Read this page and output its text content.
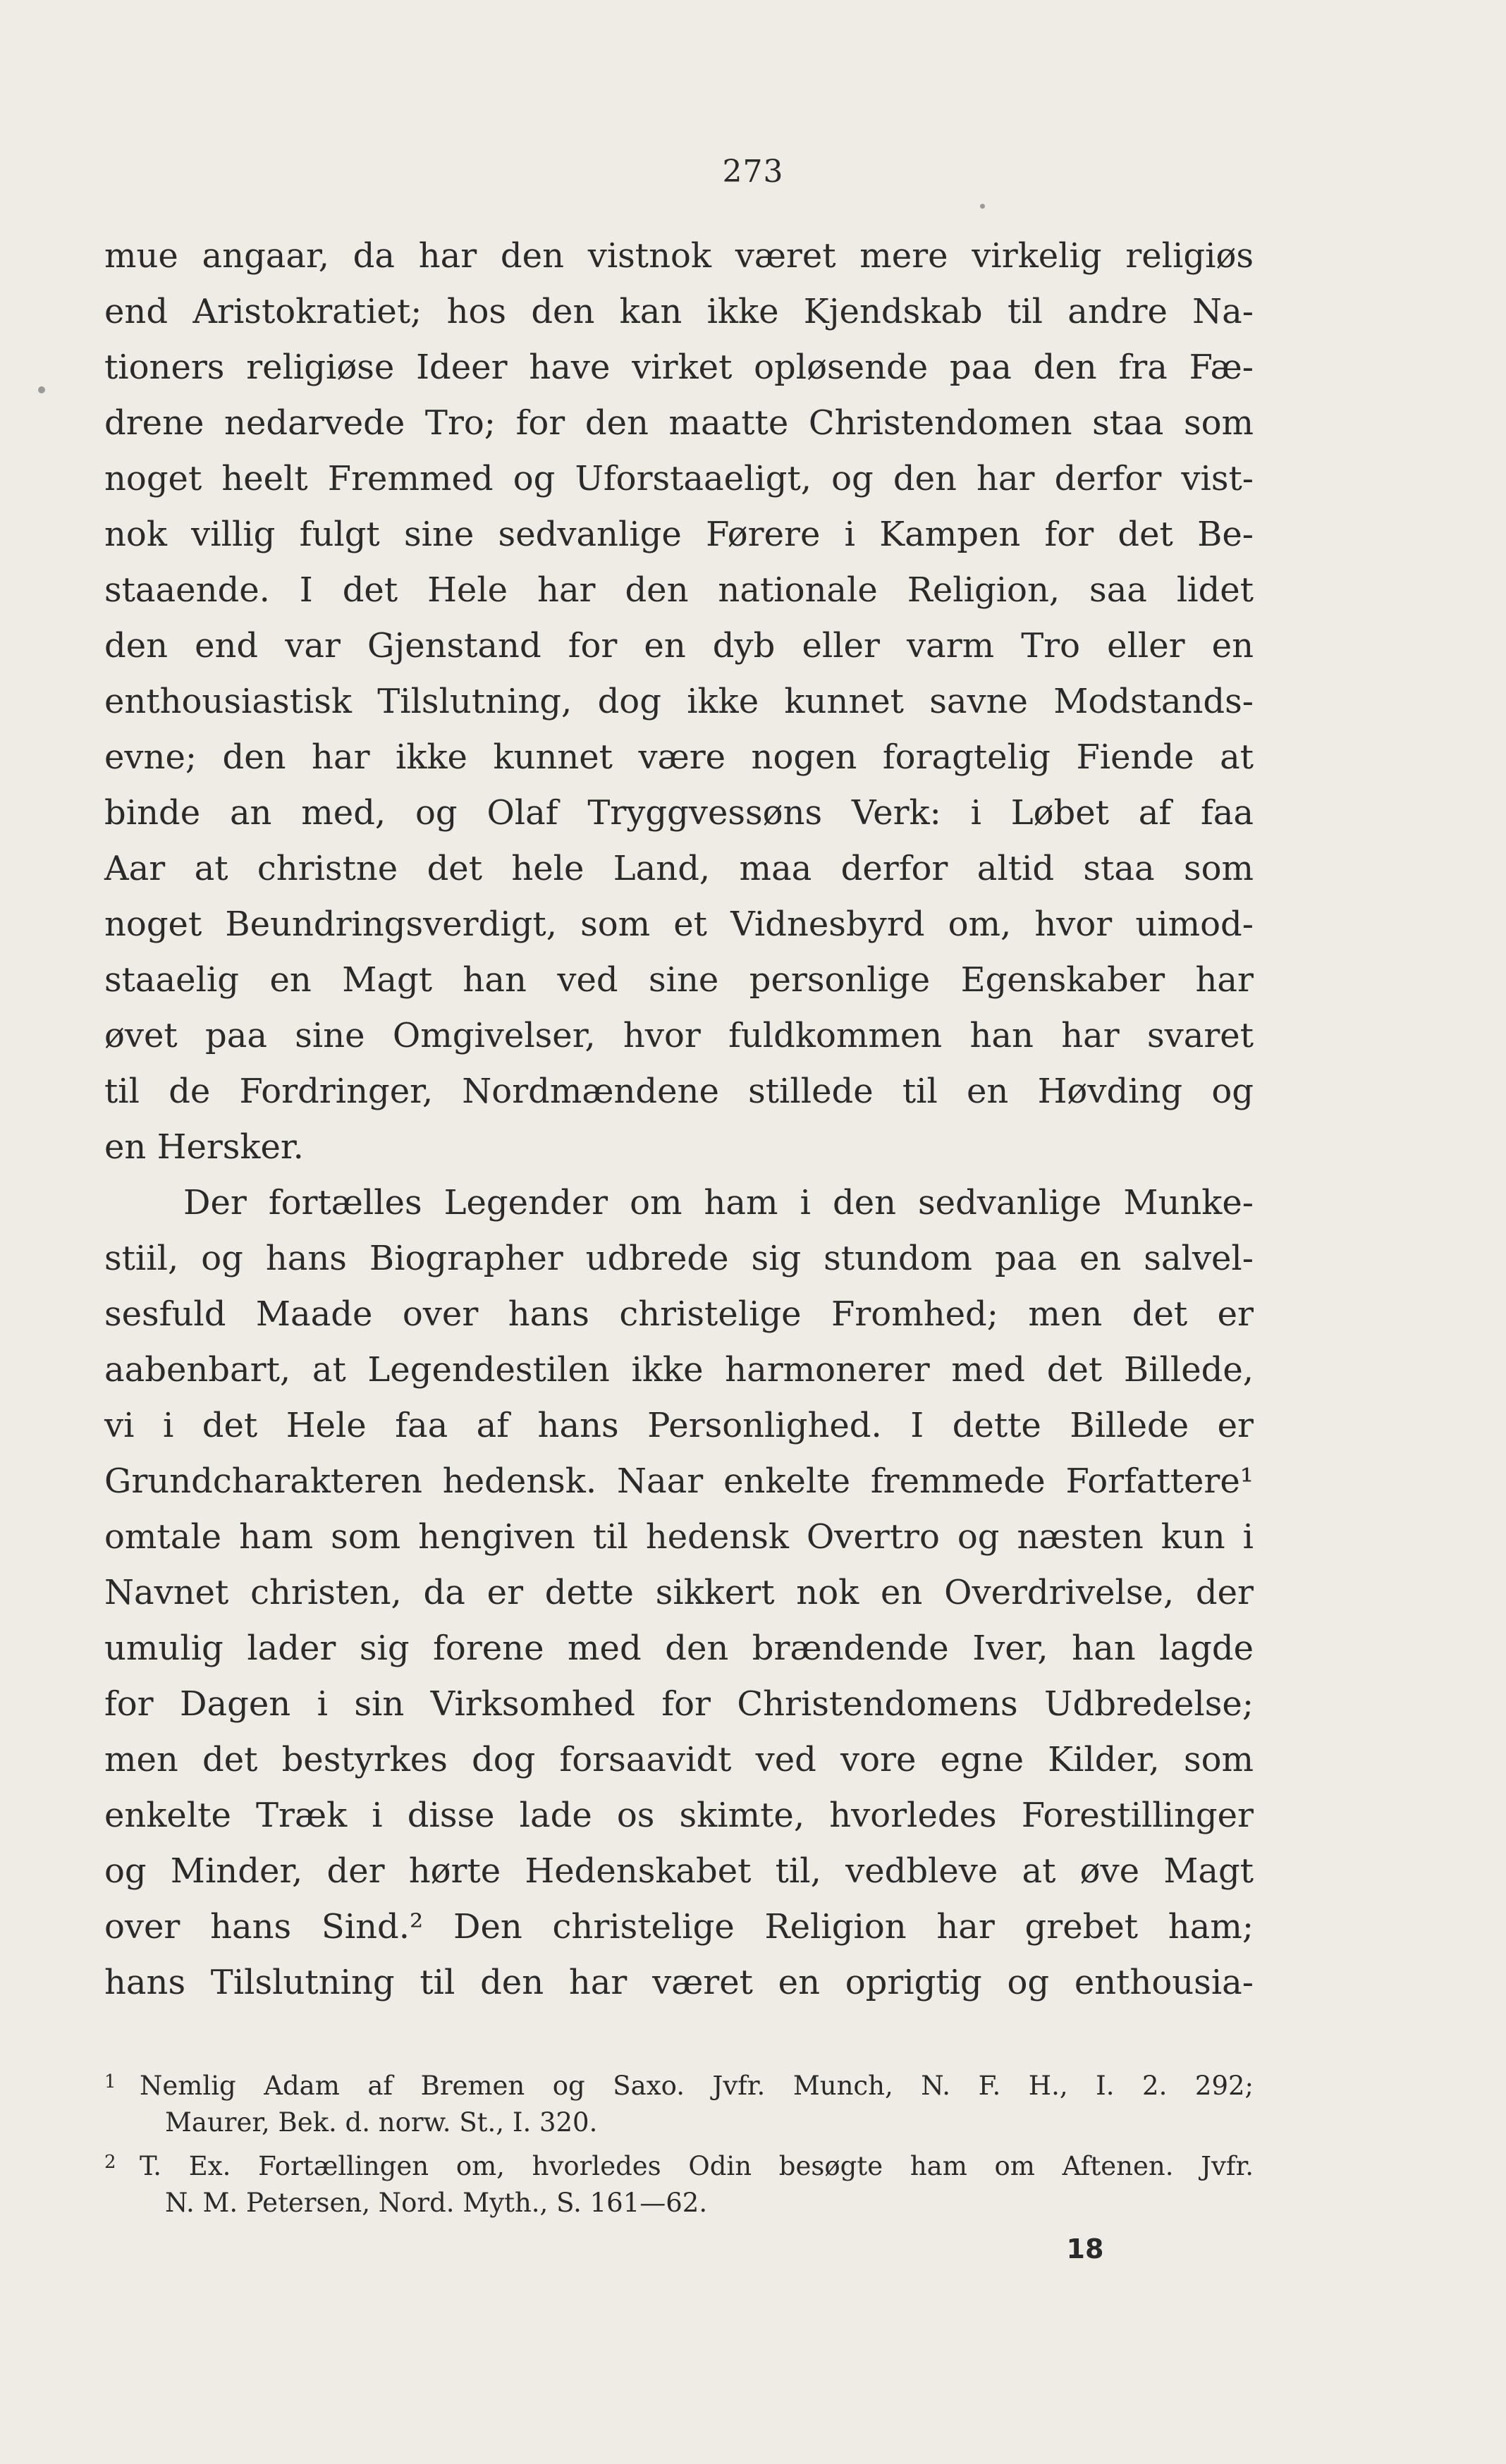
273
mue angaar, da har den vistnok været mere virkelig religiøs
end Aristokratiet; hos den kan ikke Kjendskab til andre Na-
tioners religiøse Ideer have virket opløsende paa den fra Fæ-
drene nedarvede Tro; for den maatte Christendomen staa som
noget heelt Fremmed og Uforstaaeligt, og den har derfor vist-
nok villig fulgt sine sedvanlige Førere i Kampen for det Be-
staaende. I det Hele har den nationale Religion, saa lidet
den end var Gjenstand for en dyb eller varm Tro eller en
enthousiastisk Tilslutning, dog ikke kunnet savne Modstands-
evne; den har ikke kunnet være nogen foragtelig Fiende at
binde an med, og Olaf Tryggvessøns Verk: i Løbet af faa
Aar at christne det hele Land, maa derfor altid staa som
noget Beundringsverdigt, som et Vidnesbyrd om, hvor uimod-
staaelig en Magt han ved sine personlige Egenskaber har
øvet paa sine Omgivelser, hvor fuldkommen han har svaret
til de Fordringer, Nordmændene stillede til en Høvding og
en Hersker.
Der fortælles Legender om ham i den sedvanlige Munke-
stiil, og hans Biographer udbrede sig stundom paa en salvel-
sesfuld Maade over hans christelige Fromhed; men det er
aabenbart, at Legendestilen ikke harmonerer med det Billede,
vi i det Hele faa af hans Personlighed. I dette Billede er
Grundcharakteren hedensk. Naar enkelte fremmede Forfattere¹
omtale ham som hengiven til hedensk Overtro og næsten kun i
Navnet christen, da er dette sikkert nok en Overdrivelse, der
umulig lader sig forene med den brændende Iver, han lagde
for Dagen i sin Virksomhed for Christendomens Udbredelse;
men det bestyrkes dog forsaavidt ved vore egne Kilder, som
enkelte Træk i disse lade os skimte, hvorledes Forestillinger
og Minder, der hørte Hedenskabet til, vedbleve at øve Magt
over hans Sind.² Den christelige Religion har grebet ham;
hans Tilslutning til den har været en oprigtig og enthousia-
1 Nemlig Adam af Bremen og Saxo. Jvfr. Munch, N. F. H., I. 2. 292;
Maurer, Bek. d. norw. St., I. 320.
2 T. Ex. Fortællingen om, hvorledes Odin besøgte ham om Aftenen. Jvfr.
N. M. Petersen, Nord. Myth., S. 161—62.
18
